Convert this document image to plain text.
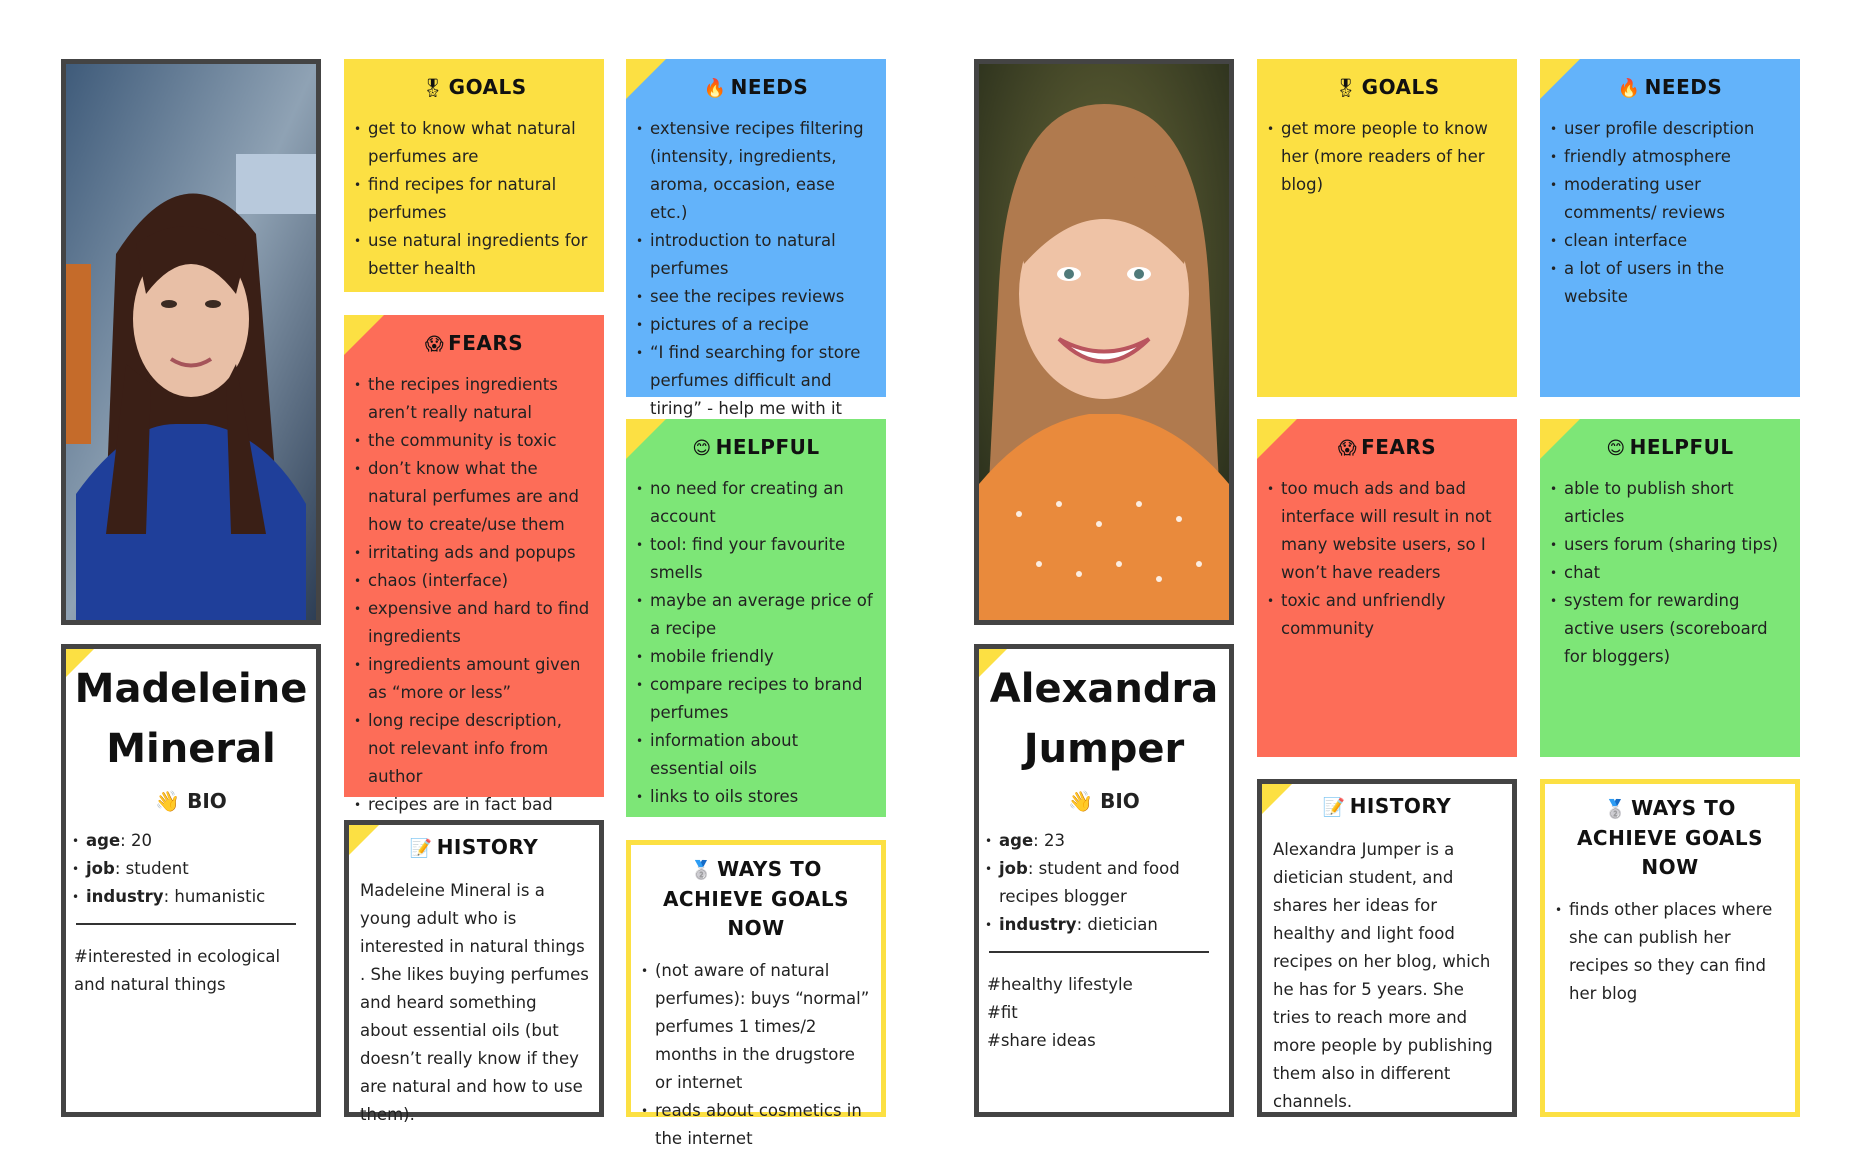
Madeleine
Mineral
👋 BIO
• age: 20
• job: student
• industry: humanistic
#interested in ecological and natural things
🎖 GOALS
• get to know what natural perfumes are
• find recipes for natural perfumes
• use natural ingredients for better health
😱 FEARS
• the recipes ingredients aren’t really natural
• the community is toxic
• don’t know what the natural perfumes are and how to create/use them
• irritating ads and popups
• chaos (interface)
• expensive and hard to find ingredients
• ingredients amount given as “more or less”
• long recipe description, not relevant info from author
• recipes are in fact bad
📝 HISTORY
Madeleine Mineral is a young adult who is interested in natural things . She likes buying perfumes and heard something about essential oils (but doesn’t really know if they are natural and how to use them).
🔥 NEEDS
• extensive recipes filtering (intensity, ingredients, aroma, occasion, ease etc.)
• introduction to natural perfumes
• see the recipes reviews
• pictures of a recipe
• “I find searching for store perfumes difficult and tiring” - help me with it
😊 HELPFUL
• no need for creating an account
• tool: find your favourite smells
• maybe an average price of a recipe
• mobile friendly
• compare recipes to brand perfumes
• information about essential oils
• links to oils stores
🥈 WAYS TO ACHIEVE GOALS NOW
• (not aware of natural perfumes): buys “normal” perfumes 1 times/2 months in the drugstore or internet
• reads about cosmetics in the internet
Alexandra
Jumper
👋 BIO
• age: 23
• job: student and food recipes blogger
• industry: dietician
#healthy lifestyle
#fit
#share ideas
🎖 GOALS
• get more people to know her (more readers of her blog)
😱 FEARS
• too much ads and bad interface will result in not many website users, so I won’t have readers
• toxic and unfriendly community
📝 HISTORY
Alexandra Jumper is a dietician student, and shares her ideas for healthy and light food recipes on her blog, which he has for 5 years. She tries to reach more and more people by publishing them also in different channels.
🔥 NEEDS
• user profile description
• friendly atmosphere
• moderating user comments/ reviews
• clean interface
• a lot of users in the website
😊 HELPFUL
• able to publish short articles
• users forum (sharing tips)
• chat
• system for rewarding active users (scoreboard for bloggers)
🥈 WAYS TO ACHIEVE GOALS NOW
• finds other places where she can publish her recipes so they can find her blog
